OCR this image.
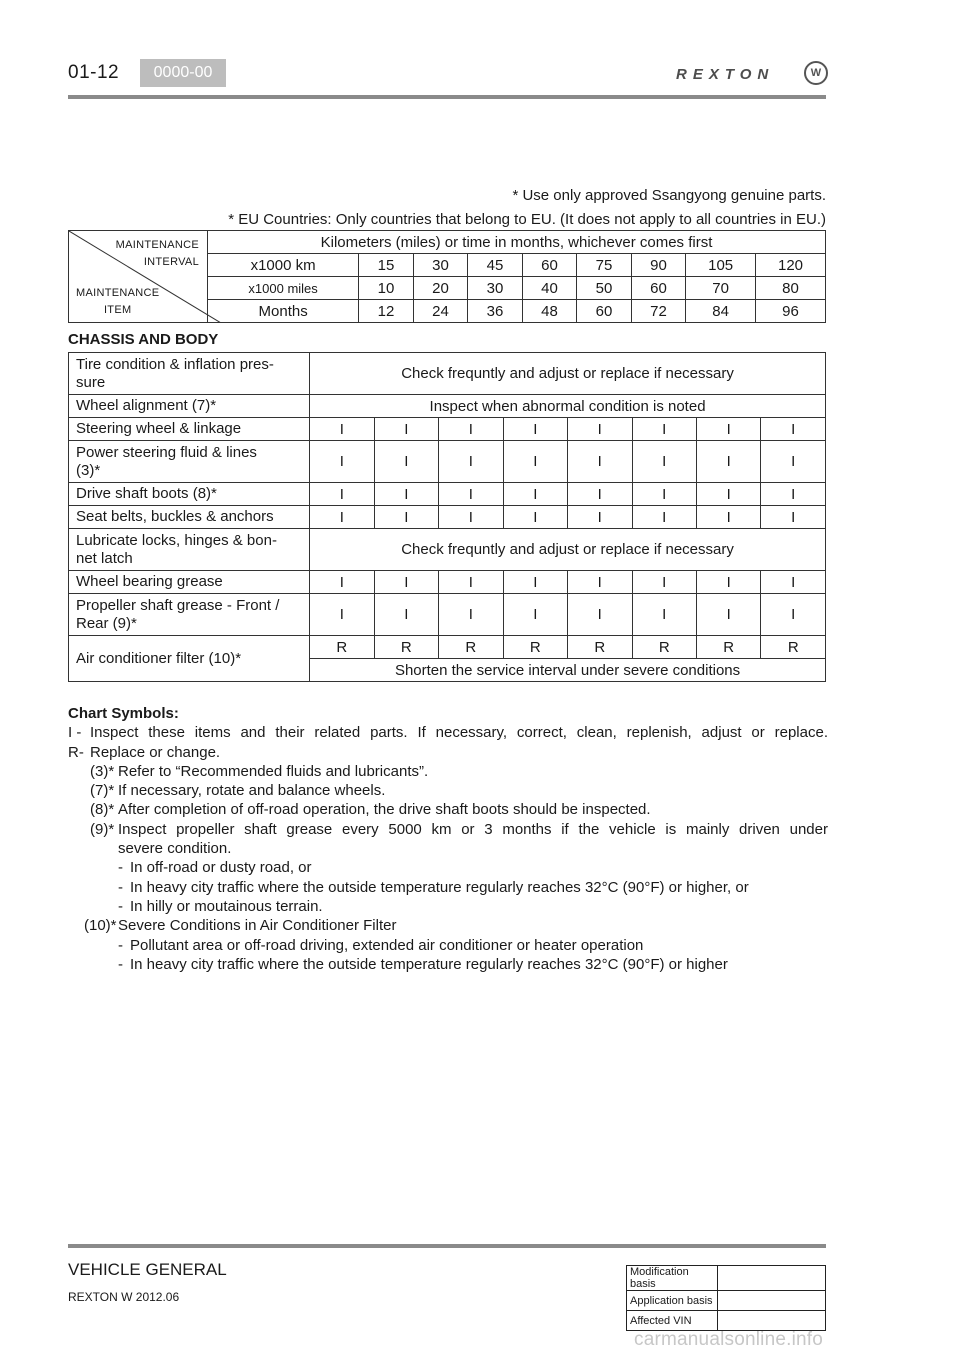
01-12	0000-00	REXTON	W
* Use only approved Ssangyong genuine parts.
* EU Countries: Only countries that belong to EU. (It does not apply to all countries in EU.)
MAINTENANCE
INTERVAL
MAINTENANCE
ITEM	Kilometers (miles) or time in months, whichever comes first								
	x1000 km	15	30	45	60	75	90	105	120
	x1000 miles	10	20	30	40	50	60	70	80
	Months	12	24	36	48	60	72	84	96
CHASSIS AND BODY
Tire condition & inflation pres-
sure	Check frequntly and adjust or replace if necessary							
Wheel alignment (7)*	Inspect when abnormal condition is noted							
Steering wheel & linkage	I	I	I	I	I	I	I	I
Power steering fluid & lines
(3)*	I	I	I	I	I	I	I	I
Drive shaft boots (8)*	I	I	I	I	I	I	I	I
Seat belts, buckles & anchors	I	I	I	I	I	I	I	I
Lubricate locks, hinges & bon-
net latch	Check frequntly and adjust or replace if necessary							
Wheel bearing grease	I	I	I	I	I	I	I	I
Propeller shaft grease - Front /
Rear (9)*	I	I	I	I	I	I	I	I
Air conditioner filter (10)*	R	R	R	R	R	R	R	R
	Shorten the service interval under severe conditions							
Chart Symbols:
I - Inspect these items and their related parts. If necessary, correct, clean, replenish, adjust or replace.
R- Replace or change.
(3)* Refer to “Recommended fluids and lubricants”.
(7)* If necessary, rotate and balance wheels.
(8)* After completion of off-road operation, the drive shaft boots should be inspected.
(9)* Inspect propeller shaft grease every 5000 km or 3 months if the vehicle is mainly driven under
severe condition.
- In off-road or dusty road, or
- In heavy city traffic where the outside temperature regularly reaches 32°C (90°F) or higher, or
- In hilly or moutainous terrain.
(10)* Severe Conditions in Air Conditioner Filter
- Pollutant area or off-road driving, extended air conditioner or heater operation
- In heavy city traffic where the outside temperature regularly reaches 32°C (90°F) or higher
VEHICLE GENERAL
REXTON W 2012.06
Modification basis	
Application basis	
Affected VIN	
carmanualsonline.info
